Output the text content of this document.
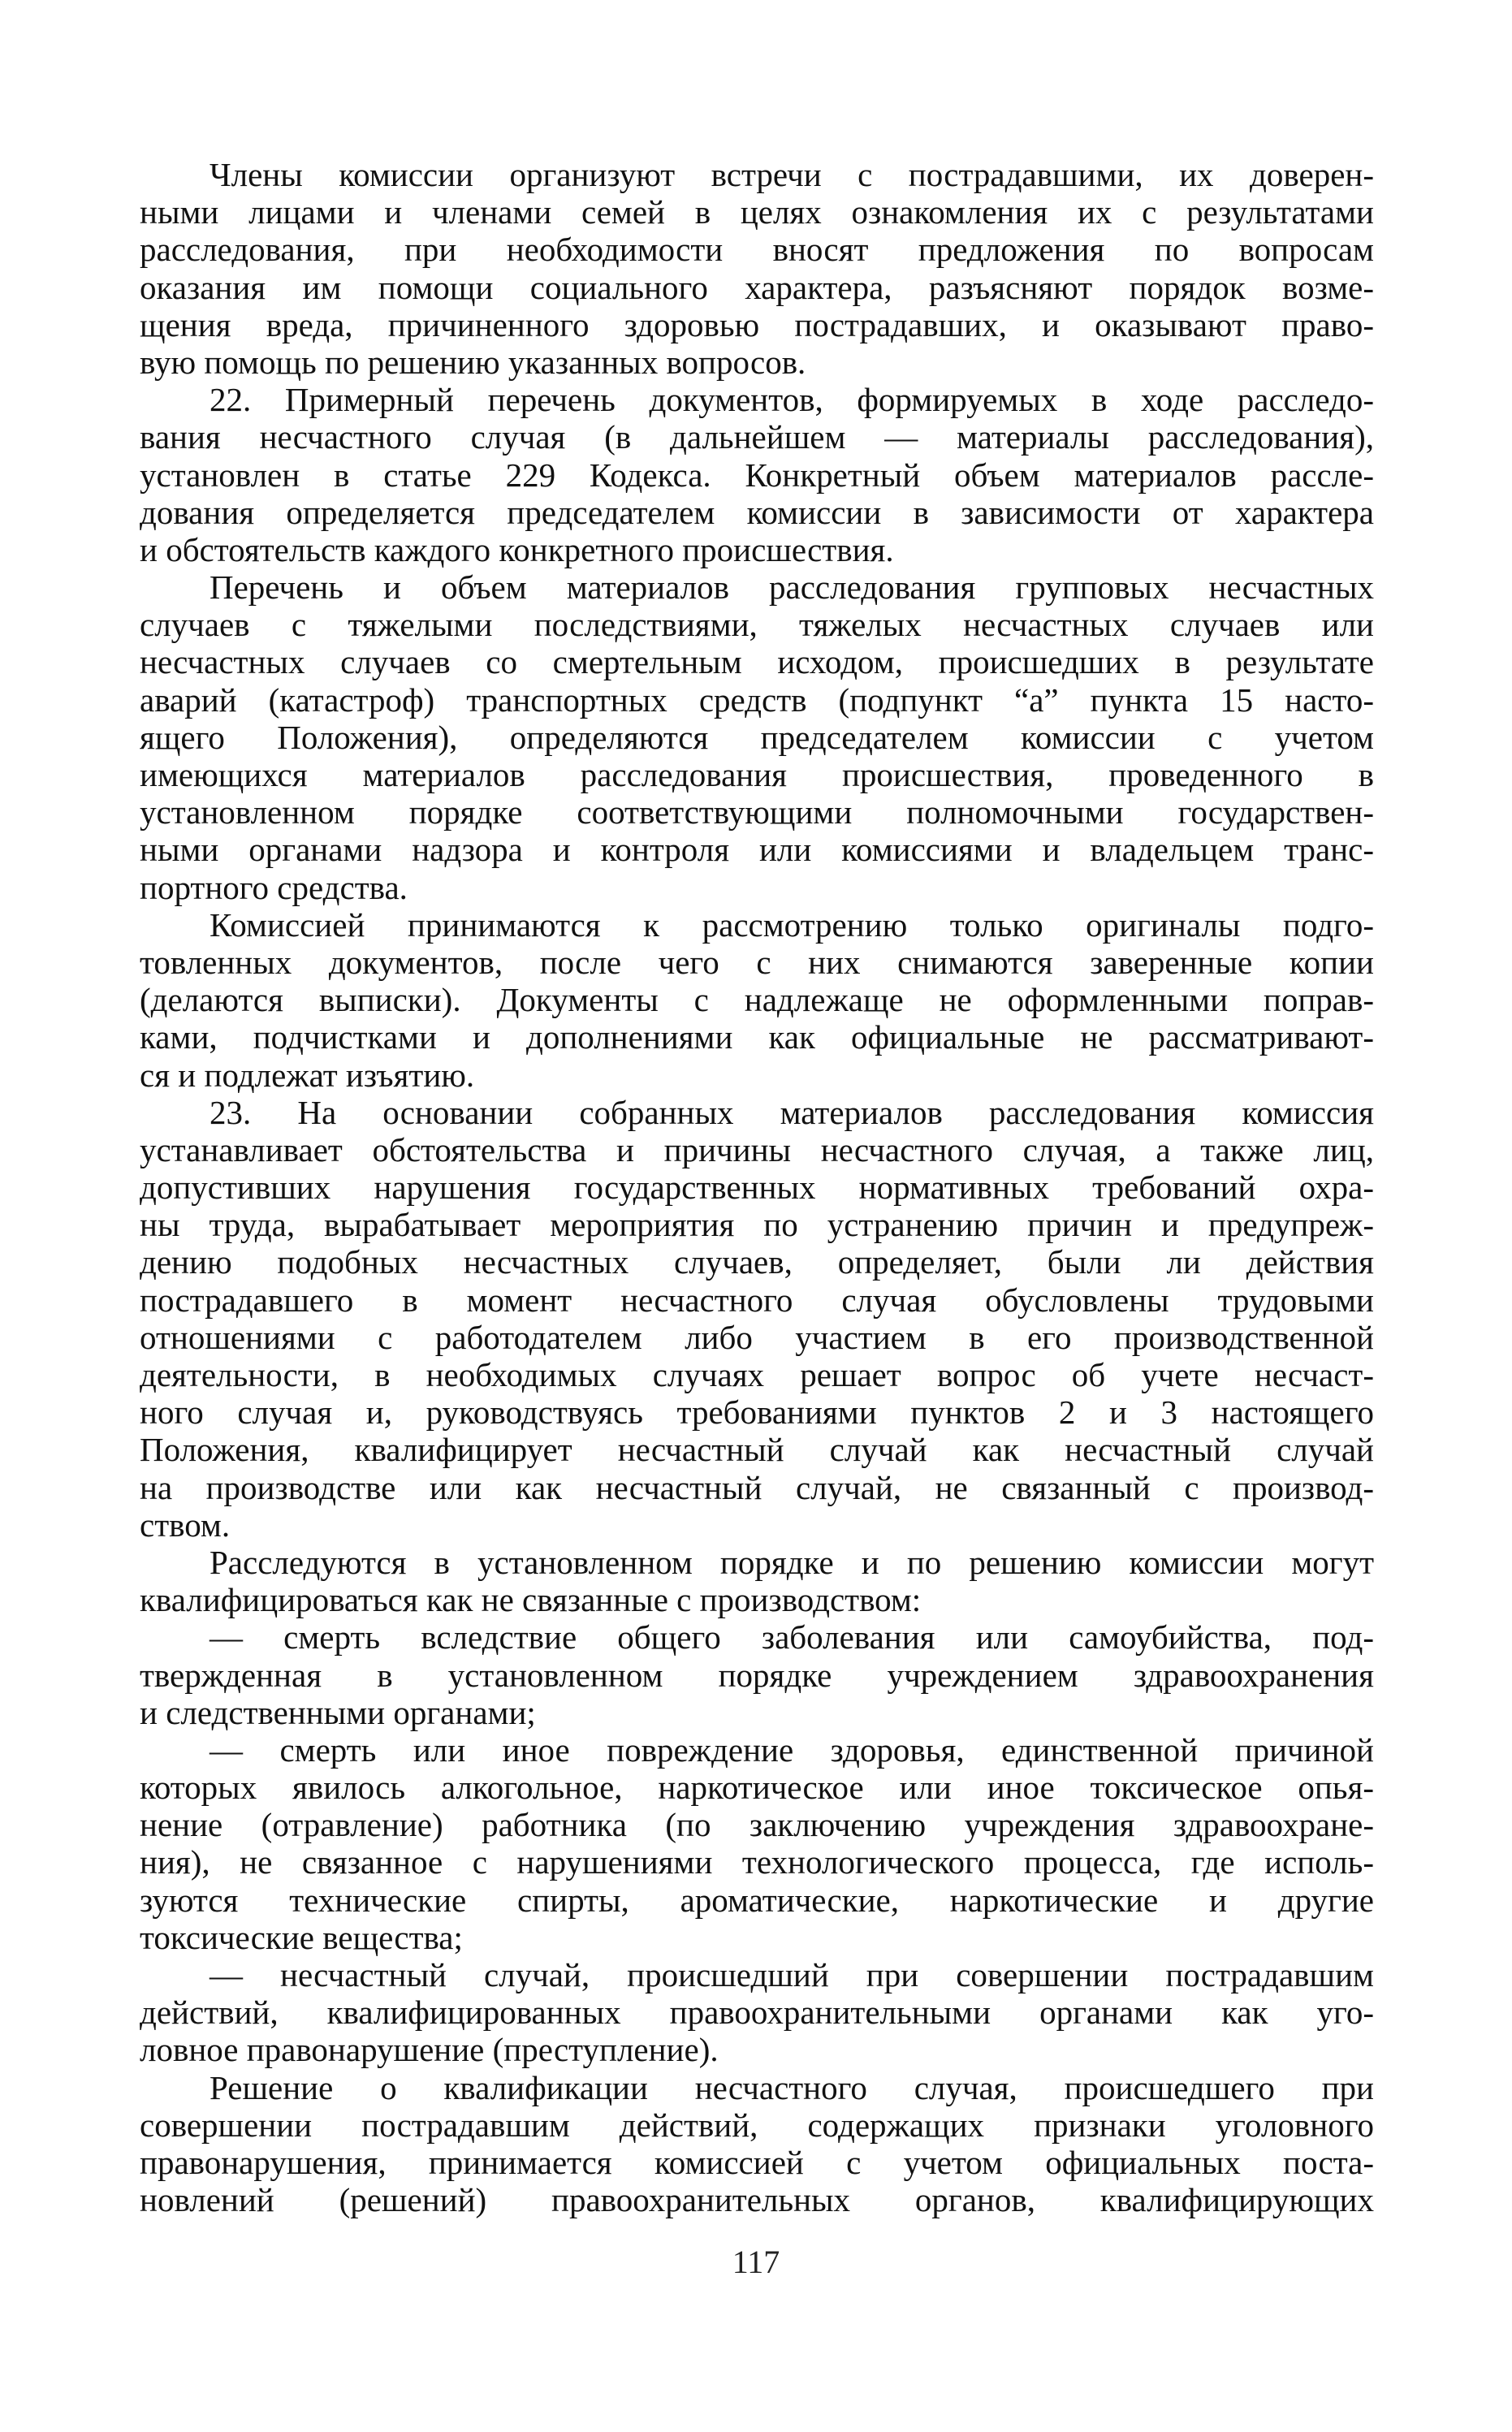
Члены комиссии организуют встречи с пострадавшими, их доверен-
ными лицами и членами семей в целях ознакомления их с результатами
расследования, при необходимости вносят предложения по вопросам
оказания им помощи социального характера, разъясняют порядок возме-
щения вреда, причиненного здоровью пострадавших, и оказывают право-
вую помощь по решению указанных вопросов.
22. Примерный перечень документов, формируемых в ходе расследо-
вания несчастного случая (в дальнейшем — материалы расследования),
установлен в статье 229 Кодекса. Конкретный объем материалов рассле-
дования определяется председателем комиссии в зависимости от характера
и обстоятельств каждого конкретного происшествия.
Перечень и объем материалов расследования групповых несчастных
случаев с тяжелыми последствиями, тяжелых несчастных случаев или
несчастных случаев со смертельным исходом, происшедших в результате
аварий (катастроф) транспортных средств (подпункт “а” пункта 15 насто-
ящего Положения), определяются председателем комиссии с учетом
имеющихся материалов расследования происшествия, проведенного в
установленном порядке соответствующими полномочными государствен-
ными органами надзора и контроля или комиссиями и владельцем транс-
портного средства.
Комиссией принимаются к рассмотрению только оригиналы подго-
товленных документов, после чего с них снимаются заверенные копии
(делаются выписки). Документы с надлежаще не оформленными поправ-
ками, подчистками и дополнениями как официальные не рассматривают-
ся и подлежат изъятию.
23. На основании собранных материалов расследования комиссия
устанавливает обстоятельства и причины несчастного случая, а также лиц,
допустивших нарушения государственных нормативных требований охра-
ны труда, вырабатывает мероприятия по устранению причин и предупреж-
дению подобных несчастных случаев, определяет, были ли действия
пострадавшего в момент несчастного случая обусловлены трудовыми
отношениями с работодателем либо участием в его производственной
деятельности, в необходимых случаях решает вопрос об учете несчаст-
ного случая и, руководствуясь требованиями пунктов 2 и 3 настоящего
Положения, квалифицирует несчастный случай как несчастный случай
на производстве или как несчастный случай, не связанный с производ-
ством.
Расследуются в установленном порядке и по решению комиссии могут
квалифицироваться как не связанные с производством:
— смерть вследствие общего заболевания или самоубийства, под-
твержденная в установленном порядке учреждением здравоохранения
и следственными органами;
— смерть или иное повреждение здоровья, единственной причиной
которых явилось алкогольное, наркотическое или иное токсическое опья-
нение (отравление) работника (по заключению учреждения здравоохране-
ния), не связанное с нарушениями технологического процесса, где исполь-
зуются технические спирты, ароматические, наркотические и другие
токсические вещества;
— несчастный случай, происшедший при совершении пострадавшим
действий, квалифицированных правоохранительными органами как уго-
ловное правонарушение (преступление).
Решение о квалификации несчастного случая, происшедшего при
совершении пострадавшим действий, содержащих признаки уголовного
правонарушения, принимается комиссией с учетом официальных поста-
новлений (решений) правоохранительных органов, квалифицирующих
117
